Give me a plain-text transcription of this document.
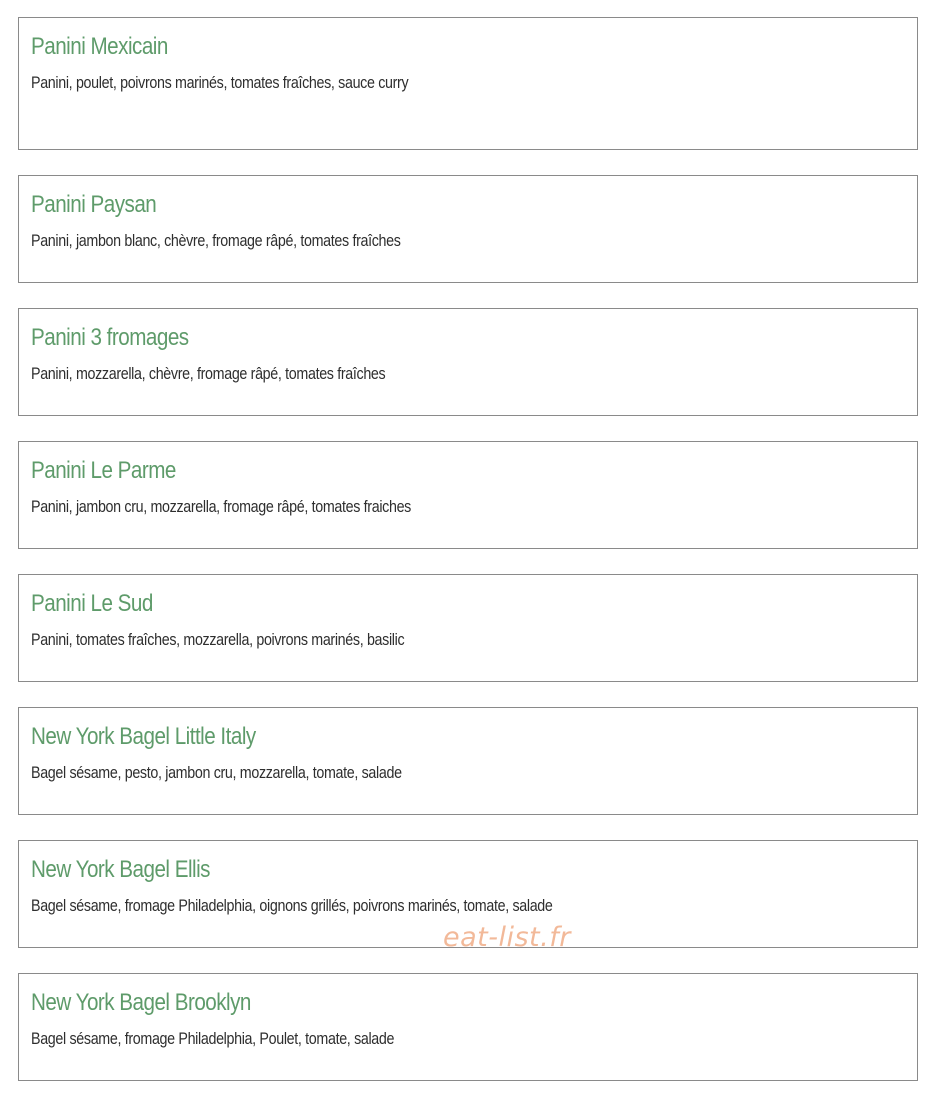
Panini Mexicain

Panini, poulet, poivrons marinés, tomates fraîches, sauce curry

Panini Paysan

Panini, jambon blanc, chèvre, fromage râpé, tomates fraîches

Panini 3 fromages

Panini, mozzarella, chèvre, fromage râpé, tomates fraîches

Panini Le Parme

Panini, jambon cru, mozzarella, fromage râpé, tomates fraiches

Panini Le Sud

Panini, tomates fraîches, mozzarella, poivrons marinés, basilic

New York Bagel Little Italy

Bagel sésame, pesto, jambon cru, mozzarella, tomate, salade

New York Bagel Ellis

Bagel sésame, fromage Philadelphia, oignons grillés, poivrons marinés, tomate, salade

New York Bagel Brooklyn

Bagel sésame, fromage Philadelphia, Poulet, tomate, salade

eat-list.fr
